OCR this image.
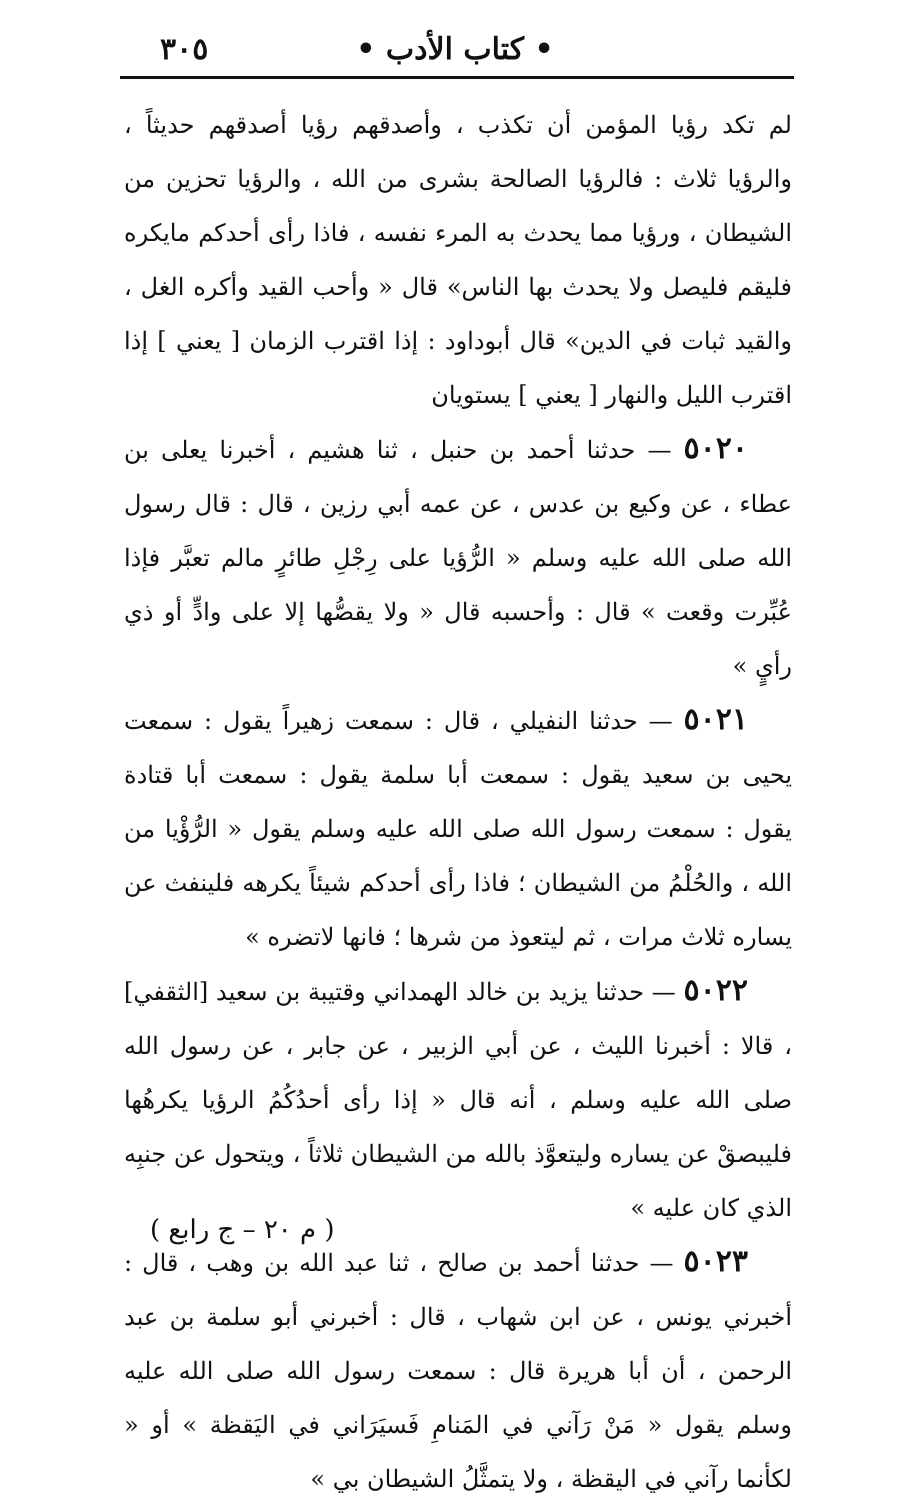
• كتاب الأدب •
٣٠٥

لم تكد رؤيا المؤمن أن تكذب ، وأصدقهم رؤيا أصدقهم حديثاً ، والرؤيا ثلاث : فالرؤيا الصالحة بشرى من الله ، والرؤيا تحزين من الشيطان ، ورؤيا مما يحدث به المرء نفسه ، فاذا رأى أحدكم مايكره فليقم فليصل ولا يحدث بها الناس» قال « وأحب القيد وأكره الغل ، والقيد ثبات في الدين» قال أبوداود : إذا اقترب الزمان [ يعني ] إذا اقترب الليل والنهار [ يعني ] يستويان

٥٠٢٠ — حدثنا أحمد بن حنبل ، ثنا هشيم ، أخبرنا يعلى بن عطاء ، عن وكيع بن عدس ، عن عمه أبي رزين ، قال : قال رسول الله صلى الله عليه وسلم « الرُّؤيا على رِجْلِ طائرٍ مالم تعبَّر فإذا عُبِّرت وقعت » قال : وأحسبه قال « ولا يقصُّها إلا على وادٍّ أو ذي رأيٍ »

٥٠٢١ — حدثنا النفيلي ، قال : سمعت زهيراً يقول : سمعت يحيى بن سعيد يقول : سمعت أبا سلمة يقول : سمعت أبا قتادة يقول : سمعت رسول الله صلى الله عليه وسلم يقول « الرُّؤْيا من الله ، والحُلْمُ من الشيطان ؛ فاذا رأى أحدكم شيئاً يكرهه فلينفث عن يساره ثلاث مرات ، ثم ليتعوذ من شرها ؛ فانها لاتضره »

٥٠٢٢ — حدثنا يزيد بن خالد الهمداني وقتيبة بن سعيد [الثقفي] ، قالا : أخبرنا الليث ، عن أبي الزبير ، عن جابر ، عن رسول الله صلى الله عليه وسلم ، أنه قال « إذا رأى أحدُكُمُ الرؤيا يكرهُها فليبصقْ عن يساره وليتعوَّذ بالله من الشيطان ثلاثاً ، ويتحول عن جنبِه الذي كان عليه »

٥٠٢٣ — حدثنا أحمد بن صالح ، ثنا عبد الله بن وهب ، قال : أخبرني يونس ، عن ابن شهاب ، قال : أخبرني أبو سلمة بن عبد الرحمن ، أن أبا هريرة قال : سمعت رسول الله صلى الله عليه وسلم يقول « مَنْ رَآني في المَنامِ فَسيَرَاني في اليَقظة » أو « لكأنما رآني في اليقظة ، ولا يتمثَّلُ الشيطان بي »

( م ٢٠ – ج رابع )
